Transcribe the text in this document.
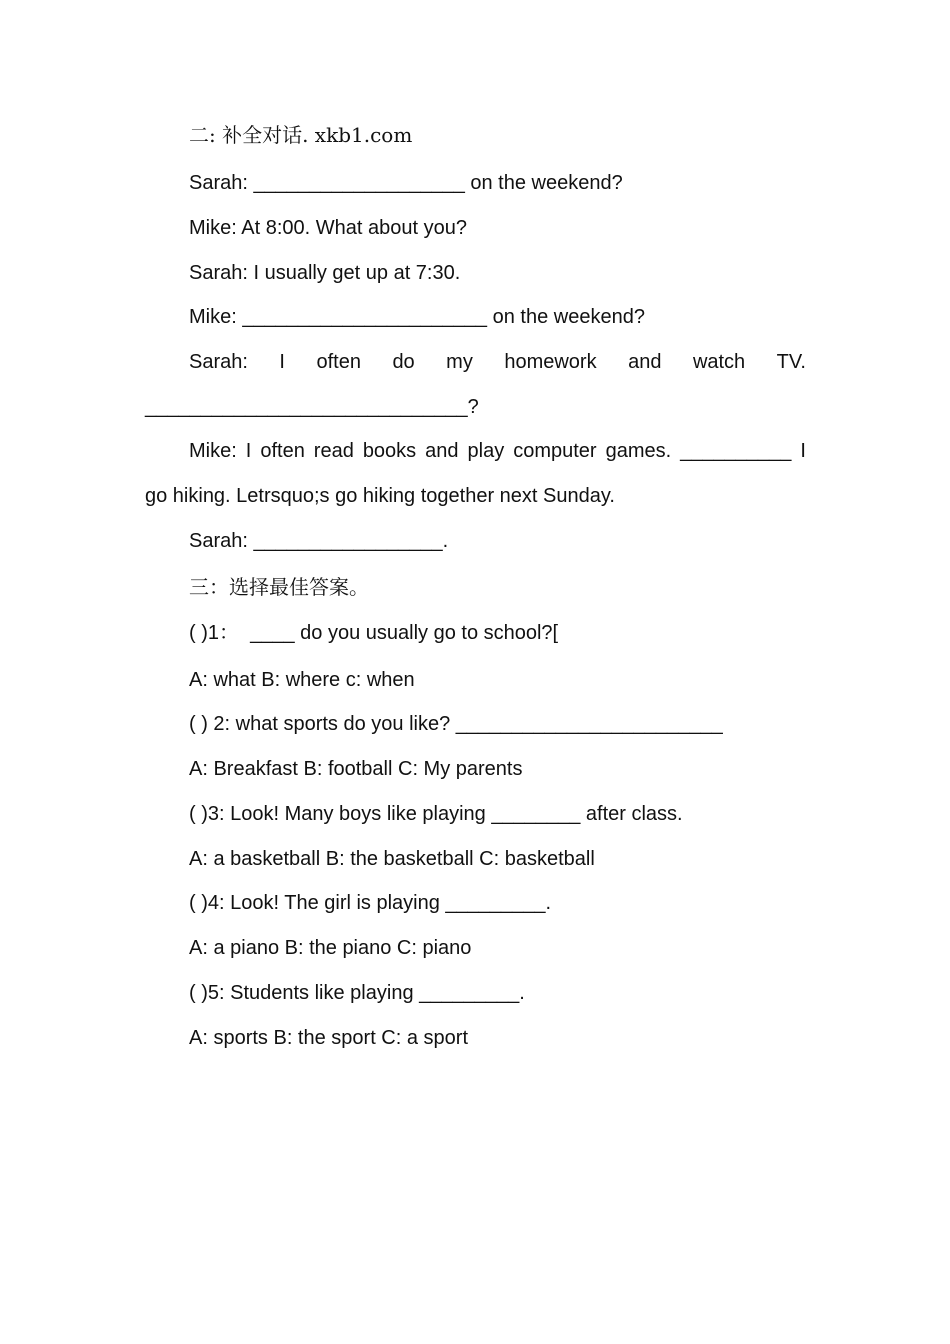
二: 补全对话. xkb1.com
Sarah: ___________________ on the weekend?
Mike: At 8:00. What about you?
Sarah: I usually get up at 7:30.
Mike: ______________________ on the weekend?
Sarah: I often do my homework and watch TV.
_____________________________?
Mike: I often read books and play computer games. __________ I
go hiking. Letrsquo;s go hiking together next Sunday.
Sarah: _________________.
三：选择最佳答案。
( )1：  ____ do you usually go to school?[
A: what B: where c: when
( ) 2: what sports do you like? ________________________
A: Breakfast B: football C: My parents
( )3: Look! Many boys like playing ________ after class.
A: a basketball B: the basketball C: basketball
( )4: Look! The girl is playing _________.
A: a piano B: the piano C: piano
( )5: Students like playing _________.
A: sports B: the sport C: a sport
